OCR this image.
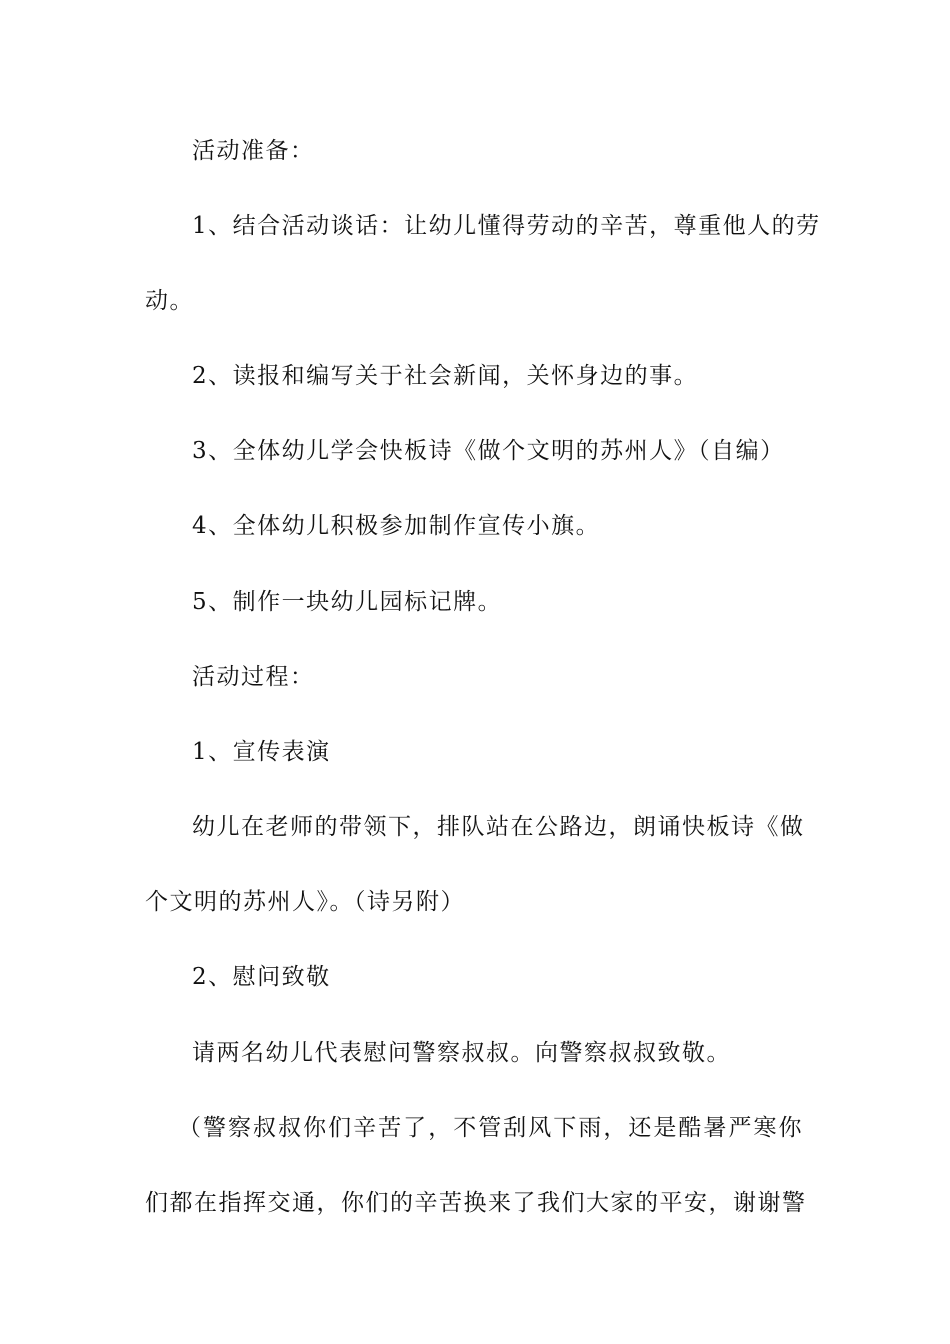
活动准备：
1、结合活动谈话：让幼儿懂得劳动的辛苦，尊重他人的劳
动。
2、读报和编写关于社会新闻，关怀身边的事。
3、全体幼儿学会快板诗《做个文明的苏州人》（自编）
4、全体幼儿积极参加制作宣传小旗。
5、制作一块幼儿园标记牌。
活动过程：
1、宣传表演
幼儿在老师的带领下，排队站在公路边，朗诵快板诗《做
个文明的苏州人》。（诗另附）
2、慰问致敬
请两名幼儿代表慰问警察叔叔。向警察叔叔致敬。
（警察叔叔你们辛苦了，不管刮风下雨，还是酷暑严寒你
们都在指挥交通，你们的辛苦换来了我们大家的平安，谢谢警
